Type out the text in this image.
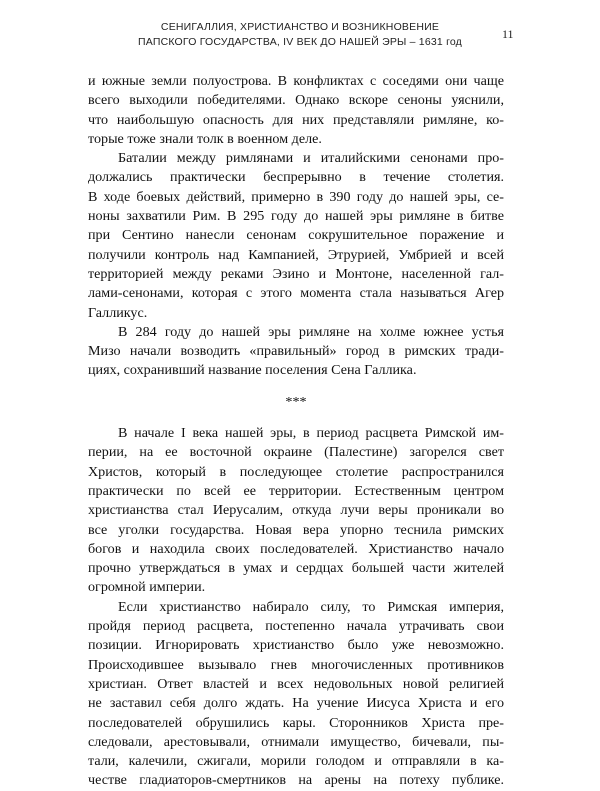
СЕНИГАЛЛИЯ, ХРИСТИАНСТВО И ВОЗНИКНОВЕНИЕ
ПАПСКОГО ГОСУДАРСТВА, IV ВЕК ДО НАШЕЙ ЭРЫ – 1631 год
11
и южные земли полуострова. В конфликтах с соседями они чаще
всего выходили победителями. Однако вскоре сеноны уяснили,
что наибольшую опасность для них представляли римляне, ко-
торые тоже знали толк в военном деле.
Баталии между римлянами и италийскими сенонами про-
должались практически беспрерывно в течение столетия.
В ходе боевых действий, примерно в 390 году до нашей эры, се-
ноны захватили Рим. В 295 году до нашей эры римляне в битве
при Сентино нанесли сенонам сокрушительное поражение и
получили контроль над Кампанией, Этрурией, Умбрией и всей
территорией между реками Эзино и Монтоне, населенной гал-
лами-сенонами, которая с этого момента стала называться Агер
Галликус.
В 284 году до нашей эры римляне на холме южнее устья
Мизо начали возводить «правильный» город в римских тради-
циях, сохранивший название поселения Сена Галлика.
***
В начале I века нашей эры, в период расцвета Римской им-
перии, на ее восточной окраине (Палестине) загорелся свет
Христов, который в последующее столетие распространился
практически по всей ее территории. Естественным центром
христианства стал Иерусалим, откуда лучи веры проникали во
все уголки государства. Новая вера упорно теснила римских
богов и находила своих последователей. Христианство начало
прочно утверждаться в умах и сердцах большей части жителей
огромной империи.
Если христианство набирало силу, то Римская империя,
пройдя период расцвета, постепенно начала утрачивать свои
позиции. Игнорировать христианство было уже невозможно.
Происходившее вызывало гнев многочисленных противников
христиан. Ответ властей и всех недовольных новой религией
не заставил себя долго ждать. На учение Иисуса Христа и его
последователей обрушились кары. Сторонников Христа пре-
следовали, арестовывали, отнимали имущество, бичевали, пы-
тали, калечили, сжигали, морили голодом и отправляли в ка-
честве гладиаторов-смертников на арены на потеху публике.
